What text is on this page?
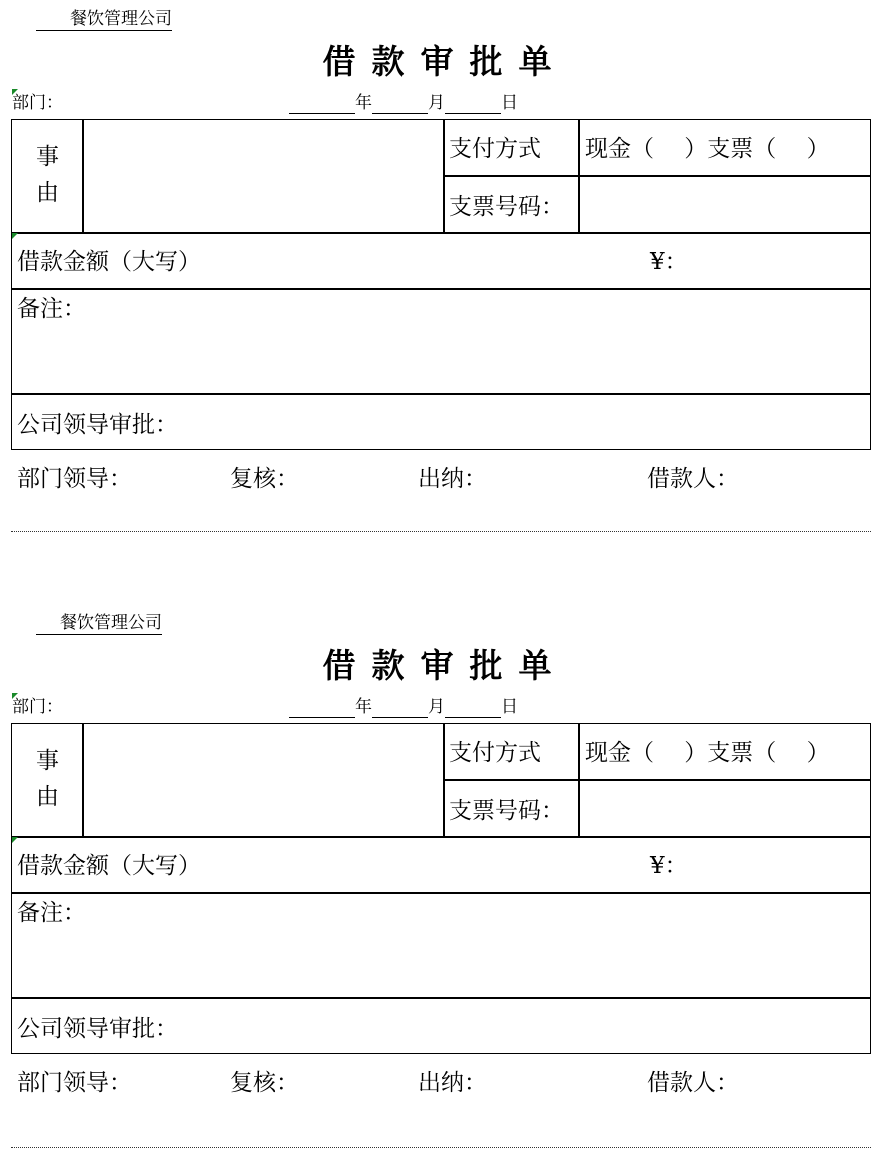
餐饮管理公司
借款审批单
部门：	年	月	日
事
由
支付方式 现金（　 ）支票（　 ）
支票号码：
借款金额（大写）	¥：
备注：
公司领导审批：
部门领导：	复核：	出纳：	借款人：
餐饮管理公司
借款审批单
部门：	年	月	日
事
由
支付方式 现金（　 ）支票（　 ）
支票号码：
借款金额（大写）	¥：
备注：
公司领导审批：
部门领导：	复核：	出纳：	借款人：
